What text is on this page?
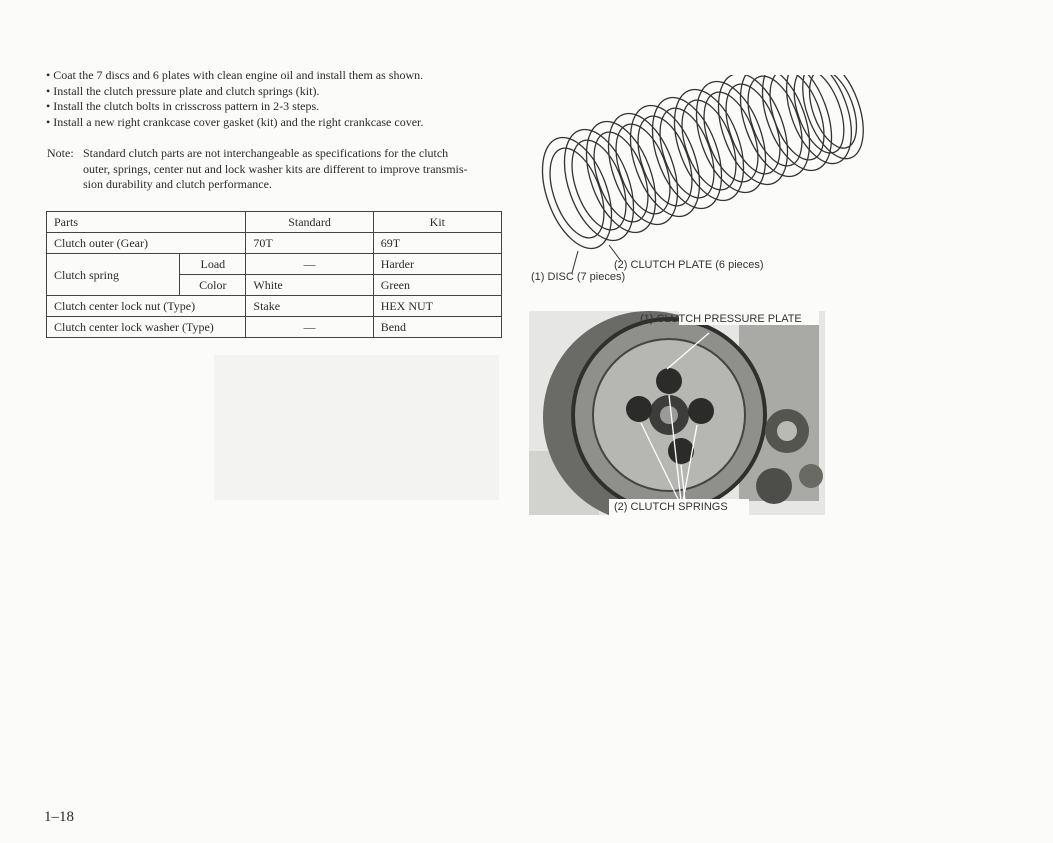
• Coat the 7 discs and 6 plates with clean engine oil and install them as shown.
• Install the clutch pressure plate and clutch springs (kit).
• Install the clutch bolts in crisscross pattern in 2-3 steps.
• Install a new right crankcase cover gasket (kit) and the right crankcase cover.
Note: Standard clutch parts are not interchangeable as specifications for the clutch
outer, springs, center nut and lock washer kits are different to improve transmis-
sion durability and clutch performance.
Parts		Standard	Kit
Clutch outer (Gear)		70T	69T
Clutch spring	Load	—	Harder
	Color	White	Green
Clutch center lock nut (Type)		Stake	HEX NUT
Clutch center lock washer (Type)		—	Bend
(2) CLUTCH PLATE (6 pieces)
(1) DISC (7 pieces)
(1) CLUTCH PRESSURE PLATE
(2) CLUTCH SPRINGS
1–18
